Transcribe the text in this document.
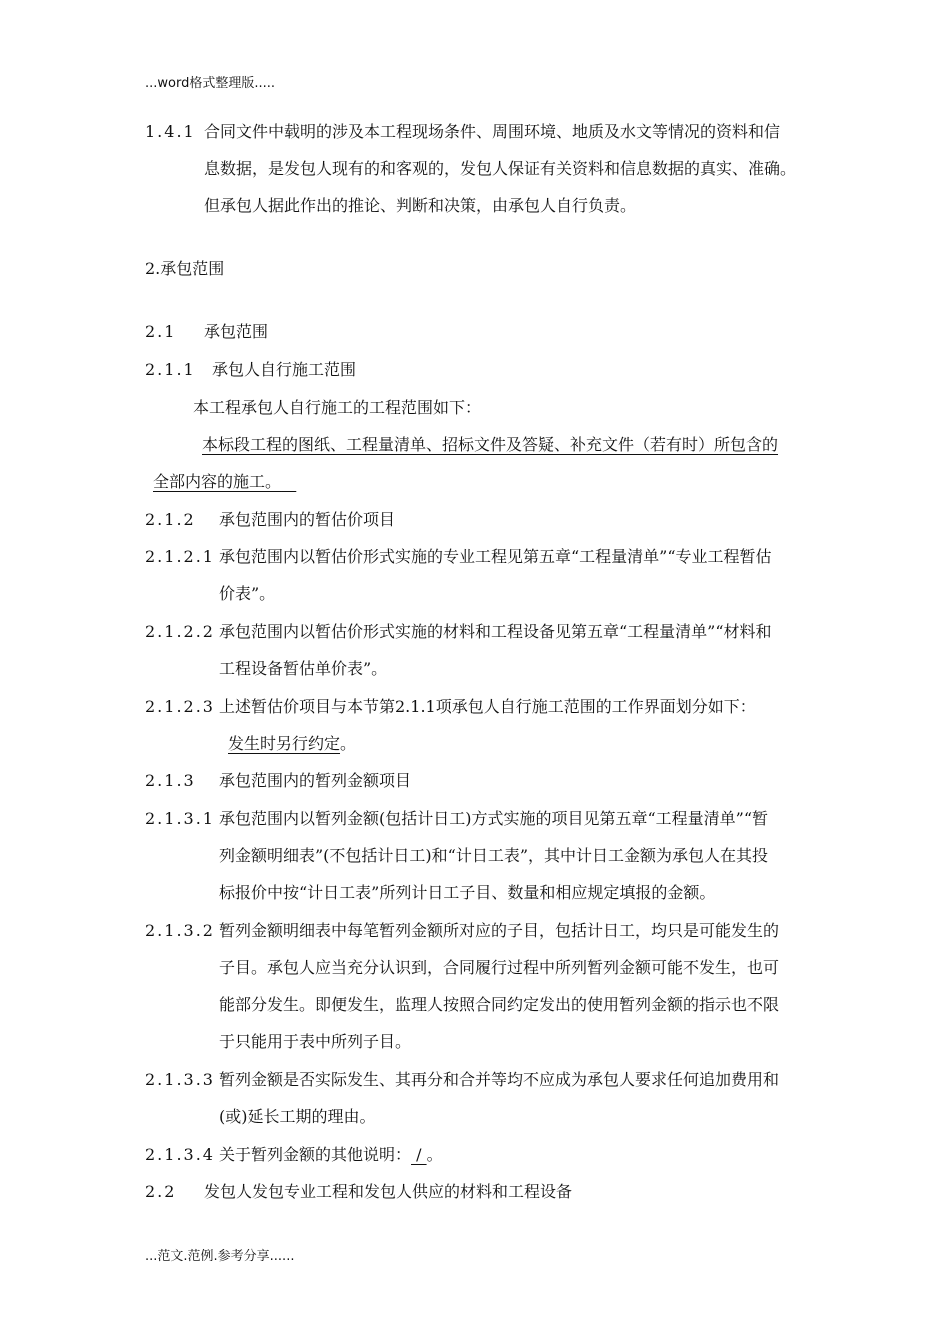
...word格式整理版.....
1.4.1 合同文件中载明的涉及本工程现场条件、周围环境、地质及水文等情况的资料和信
息数据，是发包人现有的和客观的，发包人保证有关资料和信息数据的真实、准确。
但承包人据此作出的推论、判断和决策，由承包人自行负责。
2.承包范围
2.1 承包范围
2.1.1 承包人自行施工范围
本工程承包人自行施工的工程范围如下：
本标段工程的图纸、工程量清单、招标文件及答疑、补充文件（若有时）所包含的
全部内容的施工。
2.1.2 承包范围内的暂估价项目
2.1.2.1 承包范围内以暂估价形式实施的专业工程见第五章“工程量清单”“专业工程暂估
价表”。
2.1.2.2 承包范围内以暂估价形式实施的材料和工程设备见第五章“工程量清单”“材料和
工程设备暂估单价表”。
2.1.2.3 上述暂估价项目与本节第2.1.1项承包人自行施工范围的工作界面划分如下：
发生时另行约定。
2.1.3 承包范围内的暂列金额项目
2.1.3.1 承包范围内以暂列金额(包括计日工)方式实施的项目见第五章“工程量清单”“暂
列金额明细表”(不包括计日工)和“计日工表”，其中计日工金额为承包人在其投
标报价中按“计日工表”所列计日工子目、数量和相应规定填报的金额。
2.1.3.2 暂列金额明细表中每笔暂列金额所对应的子目，包括计日工，均只是可能发生的
子目。承包人应当充分认识到，合同履行过程中所列暂列金额可能不发生，也可
能部分发生。即便发生，监理人按照合同约定发出的使用暂列金额的指示也不限
于只能用于表中所列子目。
2.1.3.3 暂列金额是否实际发生、其再分和合并等均不应成为承包人要求任何追加费用和
(或)延长工期的理由。
2.1.3.4 关于暂列金额的其他说明： / 。
2.2 发包人发包专业工程和发包人供应的材料和工程设备
...范文.范例.参考分享......
